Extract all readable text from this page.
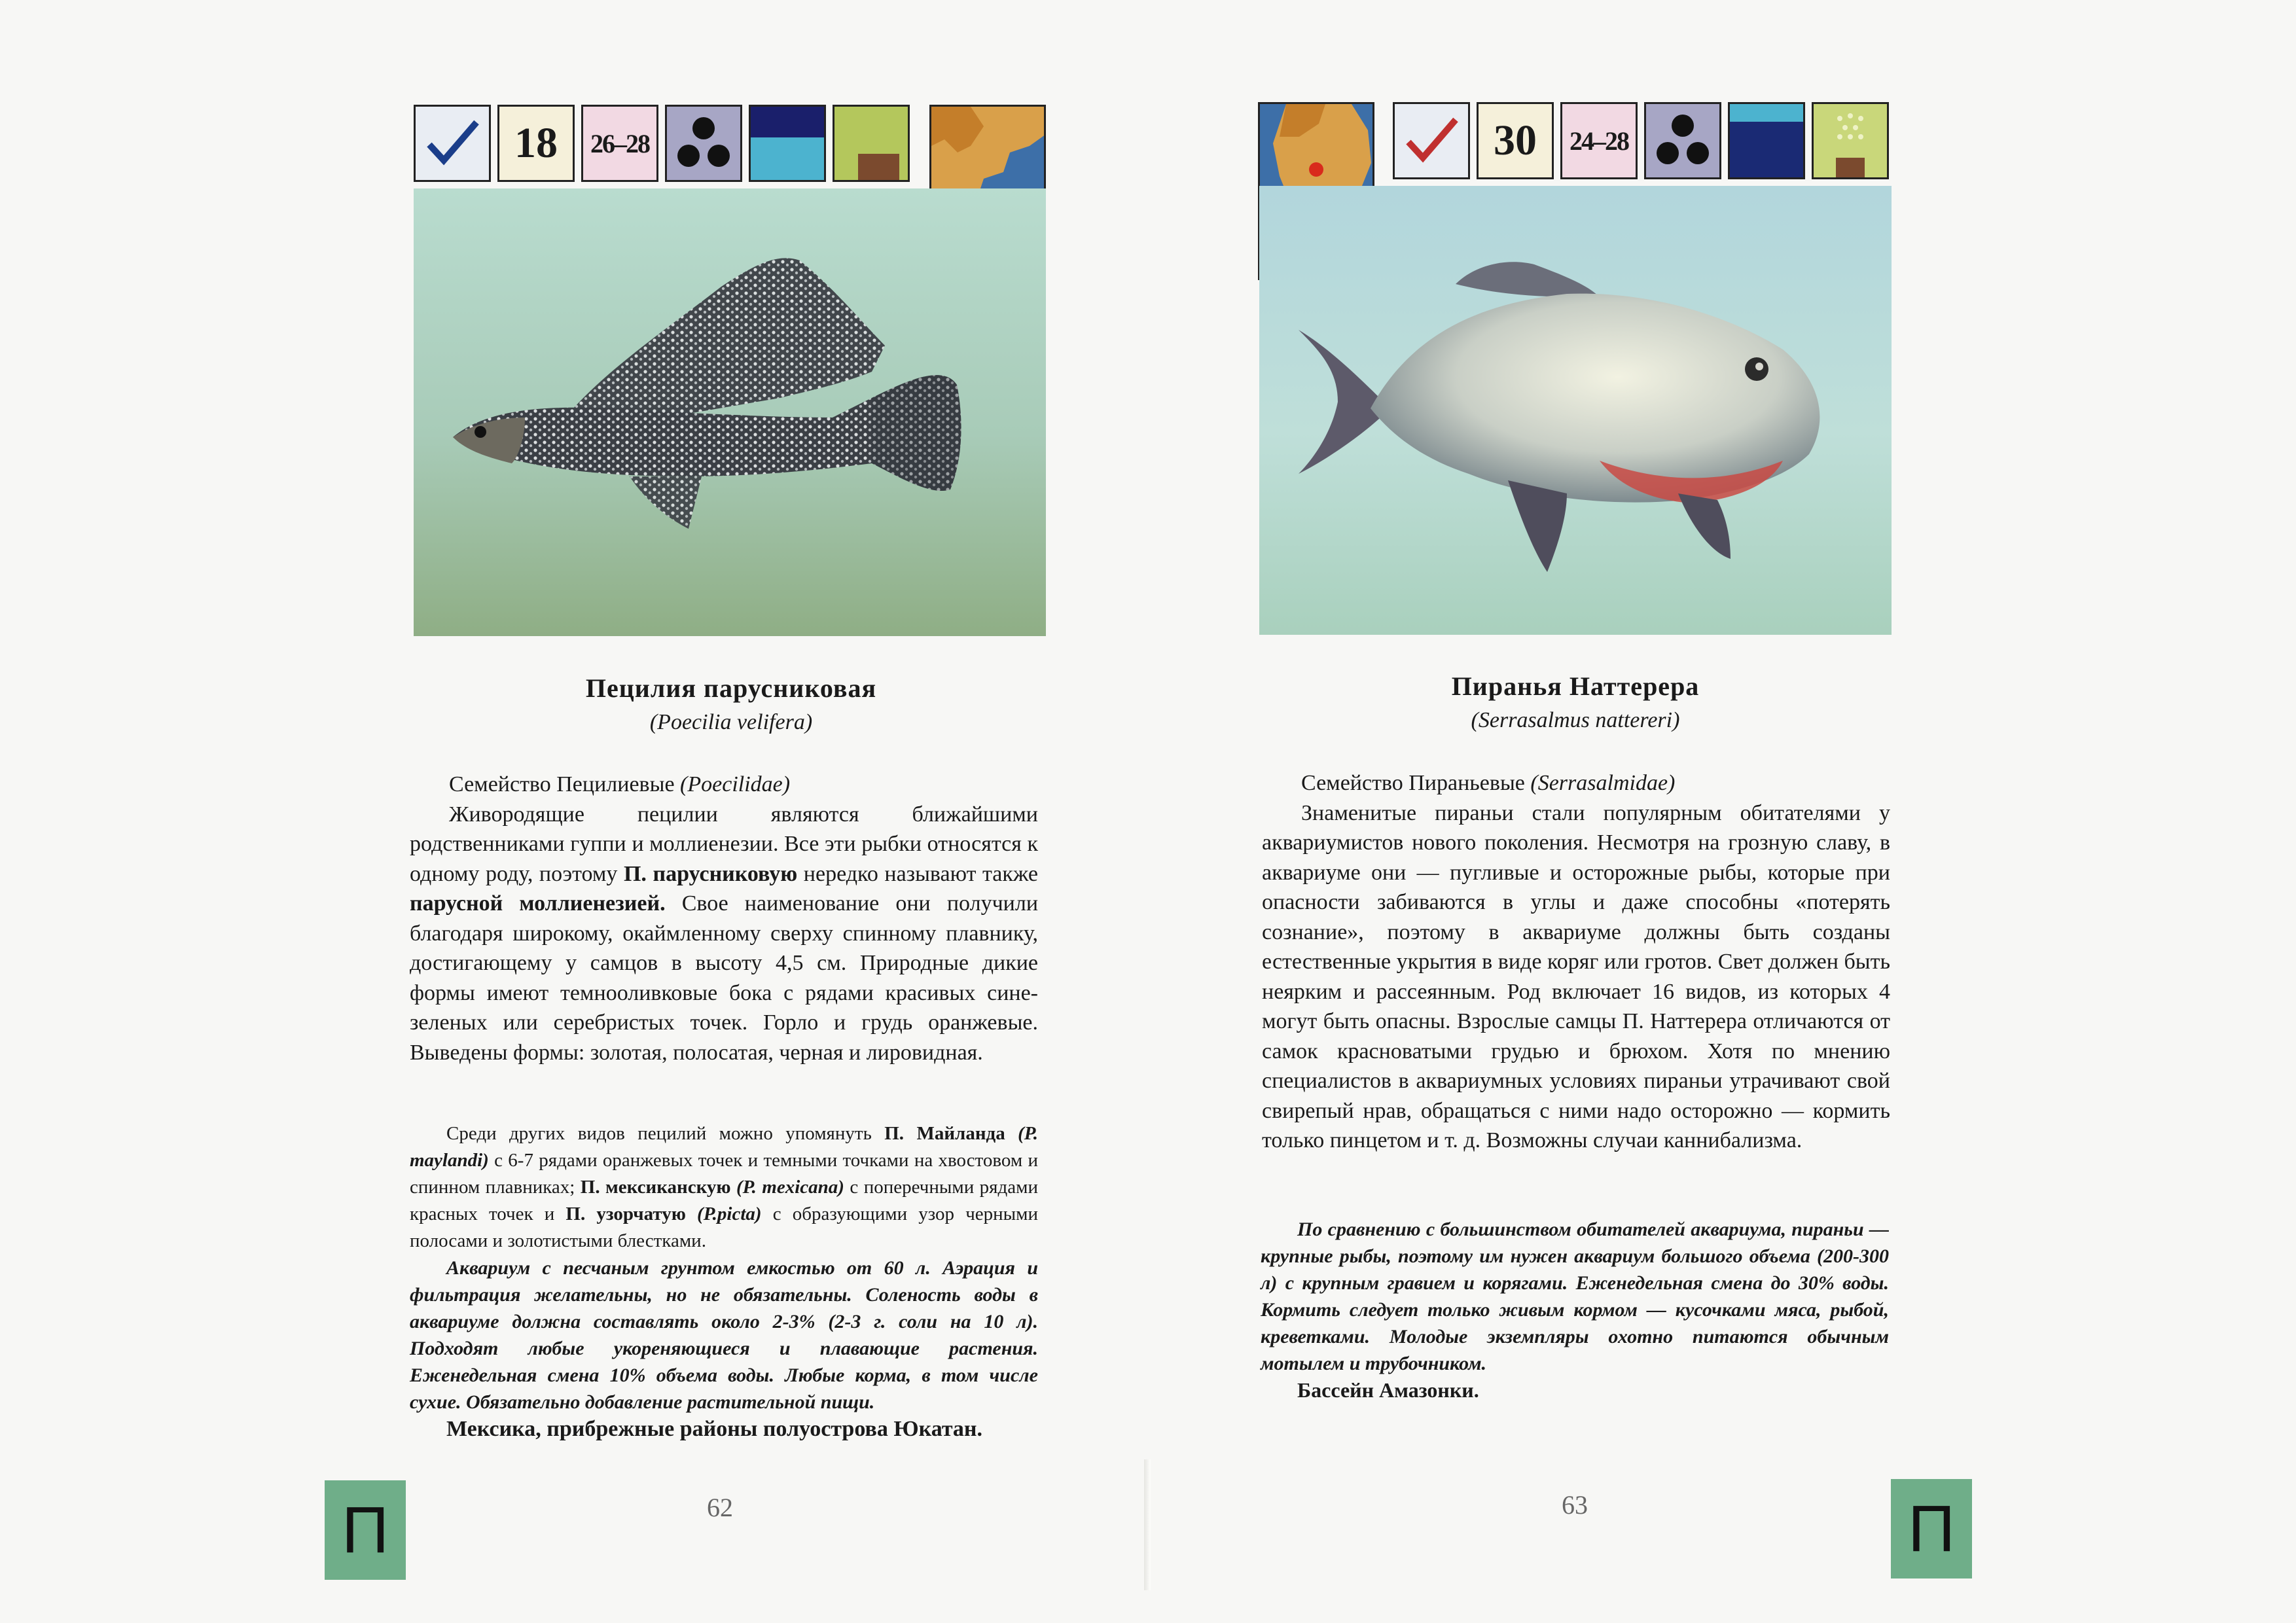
18	26–28
Пецилия парусниковая
(Poecilia velifera)

Семейство Пецилиевые (Poecilidae)

Живородящие пецилии являются ближайшими родственниками гуппи и моллиенезии. Все эти рыбки относятся к одному роду, поэтому П. парусниковую нередко называют также парусной моллиенезией. Свое наименование они получили благодаря широкому, окаймленному сверху спинному плавнику, достигающему у самцов в высоту 4,5 см. Природные дикие формы имеют темнооливковые бока с рядами красивых сине-зеленых или серебристых точек. Горло и грудь оранжевые. Выведены формы: золотая, полосатая, черная и лировидная.

Среди других видов пецилий можно упомянуть П. Майланда (P. maylandi) с 6-7 рядами оранжевых точек и темными точками на хвостовом и спинном плавниках; П. мексиканскую (P. mexicana) с поперечными рядами красных точек и П. узорчатую (P.picta) с образующими узор черными полосами и золотистыми блестками.

Аквариум с песчаным грунтом емкостью от 60 л. Аэрация и фильтрация желательны, но не обязательны. Соленость воды в аквариуме должна составлять около 2-3% (2-3 г. соли на 10 л). Подходят любые укореняющиеся и плавающие растения. Еженедельная смена 10% объема воды. Любые корма, в том числе сухие. Обязательно добавление растительной пищи.

Мексика, прибрежные районы полуострова Юкатан.

П	62
30	24–28
Пиранья Наттерера
(Serrasalmus nattereri)

Семейство Пираньевые (Serrasalmidae)

Знаменитые пираньи стали популярным обитателями у аквариумистов нового поколения. Несмотря на грозную славу, в аквариуме они — пугливые и осторожные рыбы, которые при опасности забиваются в углы и даже способны «потерять сознание», поэтому в аквариуме должны быть созданы естественные укрытия в виде коряг или гротов. Свет должен быть неярким и рассеянным. Род включает 16 видов, из которых 4 могут быть опасны. Взрослые самцы П. Наттерера отличаются от самок красноватыми грудью и брюхом. Хотя по мнению специалистов в аквариумных условиях пираньи утрачивают свой свирепый нрав, обращаться с ними надо осторожно — кормить только пинцетом и т. д. Возможны случаи каннибализма.

По сравнению с большинством обитателей аквариума, пираньи — крупные рыбы, поэтому им нужен аквариум большого объема (200-300 л) с крупным гравием и корягами. Еженедельная смена до 30% воды. Кормить следует только живым кормом — кусочками мяса, рыбой, креветками. Молодые экземпляры охотно питаются обычным мотылем и трубочником.

Бассейн Амазонки.

63	П
